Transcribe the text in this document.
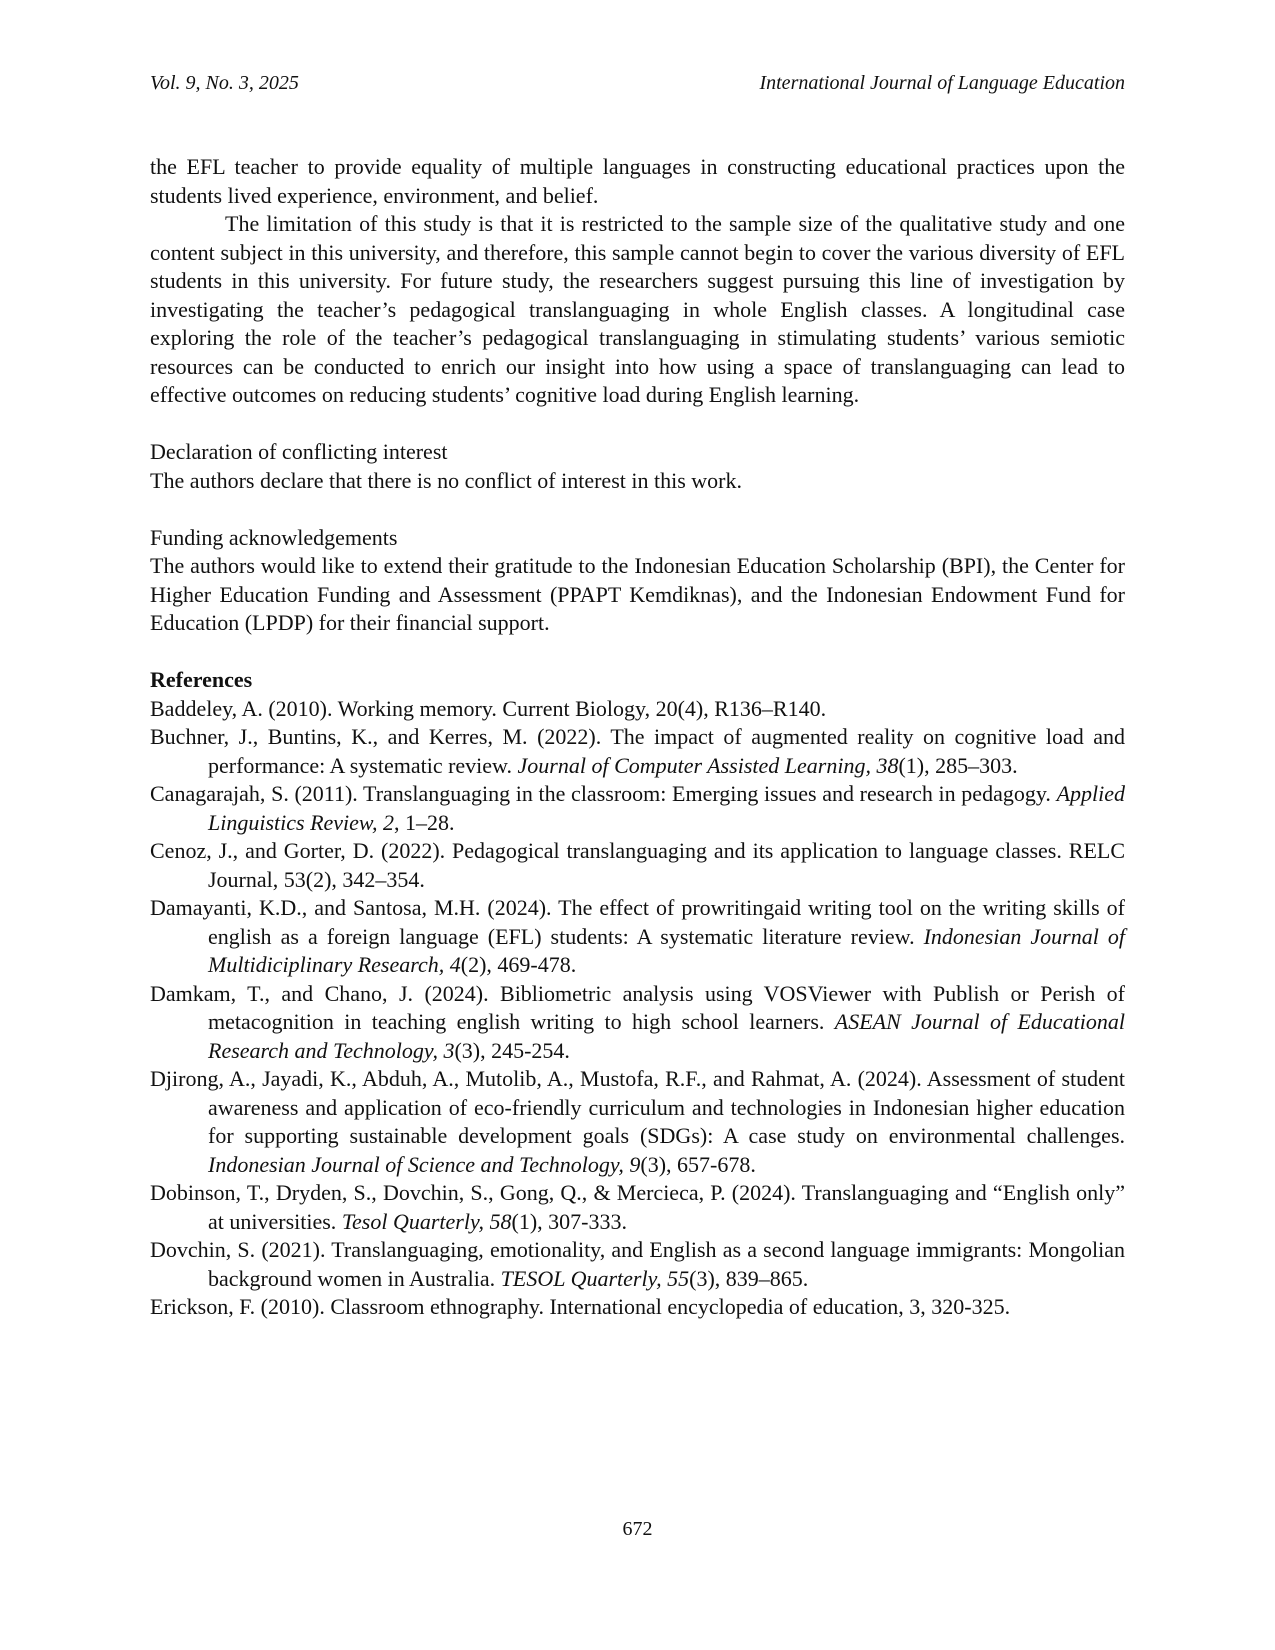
Vol. 9, No. 3, 2025	International Journal of Language Education

the EFL teacher to provide equality of multiple languages in constructing educational practices upon the students lived experience, environment, and belief.

The limitation of this study is that it is restricted to the sample size of the qualitative study and one content subject in this university, and therefore, this sample cannot begin to cover the various diversity of EFL students in this university. For future study, the researchers suggest pursuing this line of investigation by investigating the teacher’s pedagogical translanguaging in whole English classes. A longitudinal case exploring the role of the teacher’s pedagogical translanguaging in stimulating students’ various semiotic resources can be conducted to enrich our insight into how using a space of translanguaging can lead to effective outcomes on reducing students’ cognitive load during English learning.

Declaration of conflicting interest

The authors declare that there is no conflict of interest in this work.

Funding acknowledgements

The authors would like to extend their gratitude to the Indonesian Education Scholarship (BPI), the Center for Higher Education Funding and Assessment (PPAPT Kemdiknas), and the Indonesian Endowment Fund for Education (LPDP) for their financial support.

References

Baddeley, A. (2010). Working memory. Current Biology, 20(4), R136–R140.

Buchner, J., Buntins, K., and Kerres, M. (2022). The impact of augmented reality on cognitive load and performance: A systematic review. Journal of Computer Assisted Learning, 38(1), 285–303.

Canagarajah, S. (2011). Translanguaging in the classroom: Emerging issues and research in pedagogy. Applied Linguistics Review, 2, 1–28.

Cenoz, J., and Gorter, D. (2022). Pedagogical translanguaging and its application to language classes. RELC Journal, 53(2), 342–354.

Damayanti, K.D., and Santosa, M.H. (2024). The effect of prowritingaid writing tool on the writing skills of english as a foreign language (EFL) students: A systematic literature review. Indonesian Journal of Multidiciplinary Research, 4(2), 469-478.

Damkam, T., and Chano, J. (2024). Bibliometric analysis using VOSViewer with Publish or Perish of metacognition in teaching english writing to high school learners. ASEAN Journal of Educational Research and Technology, 3(3), 245-254.

Djirong, A., Jayadi, K., Abduh, A., Mutolib, A., Mustofa, R.F., and Rahmat, A. (2024). Assessment of student awareness and application of eco-friendly curriculum and technologies in Indonesian higher education for supporting sustainable development goals (SDGs): A case study on environmental challenges. Indonesian Journal of Science and Technology, 9(3), 657-678.

Dobinson, T., Dryden, S., Dovchin, S., Gong, Q., & Mercieca, P. (2024). Translanguaging and “English only” at universities. Tesol Quarterly, 58(1), 307-333.

Dovchin, S. (2021). Translanguaging, emotionality, and English as a second language immigrants: Mongolian background women in Australia. TESOL Quarterly, 55(3), 839–865.

Erickson, F. (2010). Classroom ethnography. International encyclopedia of education, 3, 320-325.

672
